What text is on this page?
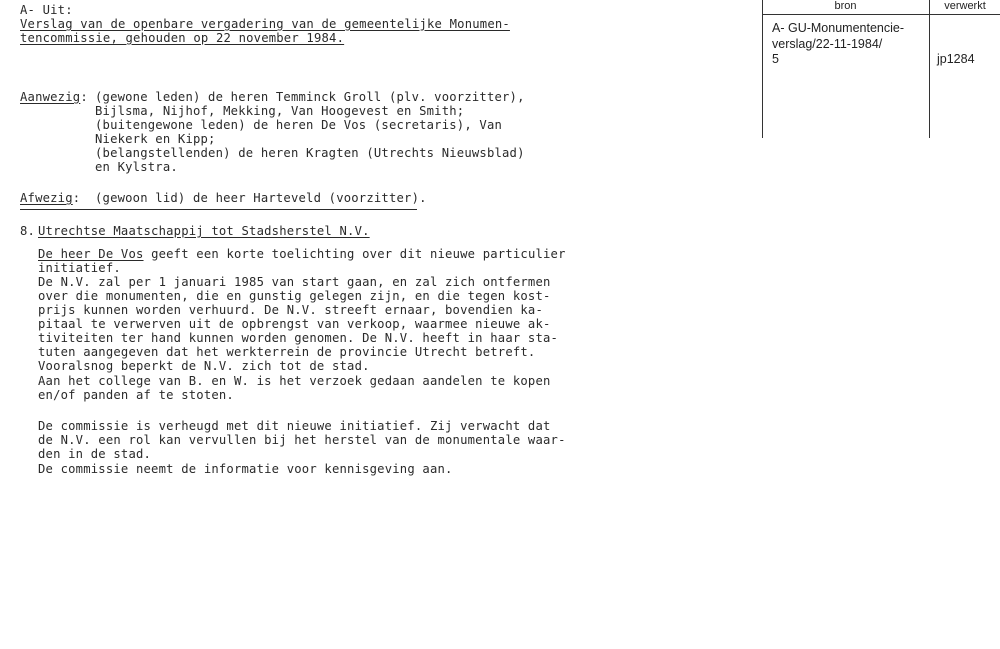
A- Uit:
Verslag van de openbare vergadering van de gemeentelijke Monumen-
tencommissie, gehouden op 22 november 1984.
bron	verwerkt
A- GU-Monumentencie-
verslag/22-11-1984/
5	jp1284
Aanwezig: (gewone leden) de heren Temminck Groll (plv. voorzitter),
Bijlsma, Nijhof, Mekking, Van Hoogevest en Smith;
(buitengewone leden) de heren De Vos (secretaris), Van
Niekerk en Kipp;
(belangstellenden) de heren Kragten (Utrechts Nieuwsblad)
en Kylstra.
Afwezig: (gewoon lid) de heer Harteveld (voorzitter).
8. Utrechtse Maatschappij tot Stadsherstel N.V.
De heer De Vos geeft een korte toelichting over dit nieuwe particulier
initiatief.
De N.V. zal per 1 januari 1985 van start gaan, en zal zich ontfermen
over die monumenten, die en gunstig gelegen zijn, en die tegen kost-
prijs kunnen worden verhuurd. De N.V. streeft ernaar, bovendien ka-
pitaal te verwerven uit de opbrengst van verkoop, waarmee nieuwe ak-
tiviteiten ter hand kunnen worden genomen. De N.V. heeft in haar sta-
tuten aangegeven dat het werkterrein de provincie Utrecht betreft.
Vooralsnog beperkt de N.V. zich tot de stad.
Aan het college van B. en W. is het verzoek gedaan aandelen te kopen
en/of panden af te stoten.
De commissie is verheugd met dit nieuwe initiatief. Zij verwacht dat
de N.V. een rol kan vervullen bij het herstel van de monumentale waar-
den in de stad.
De commissie neemt de informatie voor kennisgeving aan.
